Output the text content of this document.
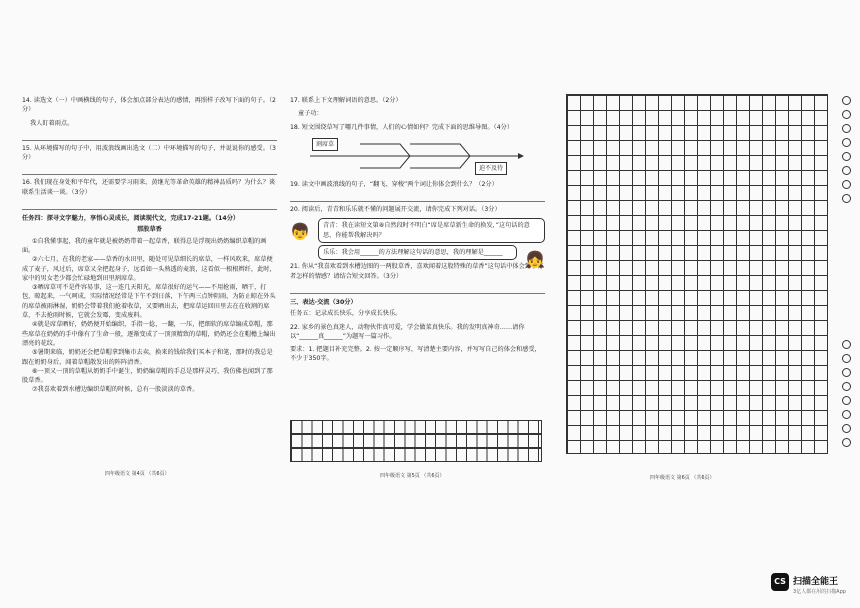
14. 读选文（一）中画横线的句子，体会加点部分表达的感情，再照样子改写下面的句子。（2分）
我人盯着雨点。
15. 从环境描写的句子中，用波浪线画出选文（二）中环境描写的句子，并说说你的感受。（3分）
16. 我们现在身处和平年代，还需要学习雨来、黄继光等革命英雄的精神品质吗？为什么？谈联系生活谈一谈。（3分）
任务四：探寻文字魅力，享悟心灵成长，阅读现代文，完成17-21题。（14分）
那股草香

①自我懂事起，我的童年就是被奶奶带着一起草香，联得总是浮现出奶奶编织草帽的画面。

②六七月，在我的老家——草香的水田里，随处可见草细长的席草，一样风吹来，席草便成了麦子，风过后，席草又全把起身子，远看如一头熟透的麦浪，这看似一根根辫纤，此时，家中的男女老少都会忙碌地到田里割席草。

③晒席草可不是件容易事，这一连几天阳光，席草很好的运气——不用抢雨，晒干，打包，晾起来，一气呵成，实际情况经常是下午不到日落，下午两三点钟阴雨，为防止晾在外头的席草被雨淋湿，奶奶会带着我们抢着收草，又要晒出去，把席草运回田里去在在收割的席草，不去抢雨时候，它就会发霉，变成废料。

④就是席草晒好，奶奶便开始编织，手指一捻，一翻，一压，把细软的席草编成草帽，那些席草在奶奶的手中像有了生命一般，逐渐变成了一顶顶精致的草帽，奶奶还会在帽檐上编出漂亮的花纹。

⑤暑期来临，奶奶还会把草帽拿到集市去卖，换来的钱给我们买本子和笔，那时的我总是跟在奶奶身后，闻着草帽散发出的阵阵清香。

⑥一顶又一顶的草帽从奶奶手中诞生，奶奶编草帽的手总是那样灵巧，我仿佛也闻到了那股草香。

⑦我喜欢着到水槽边编织草帽的时候，总有一股淡淡的草香。

四年级语文 第4页 （共6页）
17. 联系上下文理解词语的意思。（2分）
童子功：
18. 短文围绕草写了哪几件事情，人们的心情如何？完成下面的思维导图。（4分）
割席草
迫不及待
19. 读文中画波浪线的句子，“翻飞、穿梭”两个词让你体会到什么？（2分）
20. 阅读后，青青和乐乐就不懂的问题展开交流，请你完成下列对话。（3分）
👦	青青：我在读短文第⑧自然段时不明白“席是席草新生命的换发，”这句话的意思，你能帮我解决吗？
乐乐：我会用______的方法理解这句话的意思，我的理解是______	👧
21. 你从“我喜欢看到水槽边图的一两股草香，喜欢闻着这股特殊的草香”这句话中体会到小作者怎样的情感？请结合短文回答。（3分）
三、表达·交流（30分）
任务五：记录成长快乐，分享成长快乐。
22. 家乡的景色真迷人，动物伙伴真可爱，学会做菜真快乐。我的发明真神奇……请你以“______真______”为题写一篇习作。
要求：1. 把题目补充完整。2. 按一定顺序写，写清楚主要内容，并写写自己的体会和感受，不少于350字。
四年级语文 第5页 （共6页）	四年级语文 第6页 （共6页）
CS 扫描全能王
3亿人都在用的扫描App
